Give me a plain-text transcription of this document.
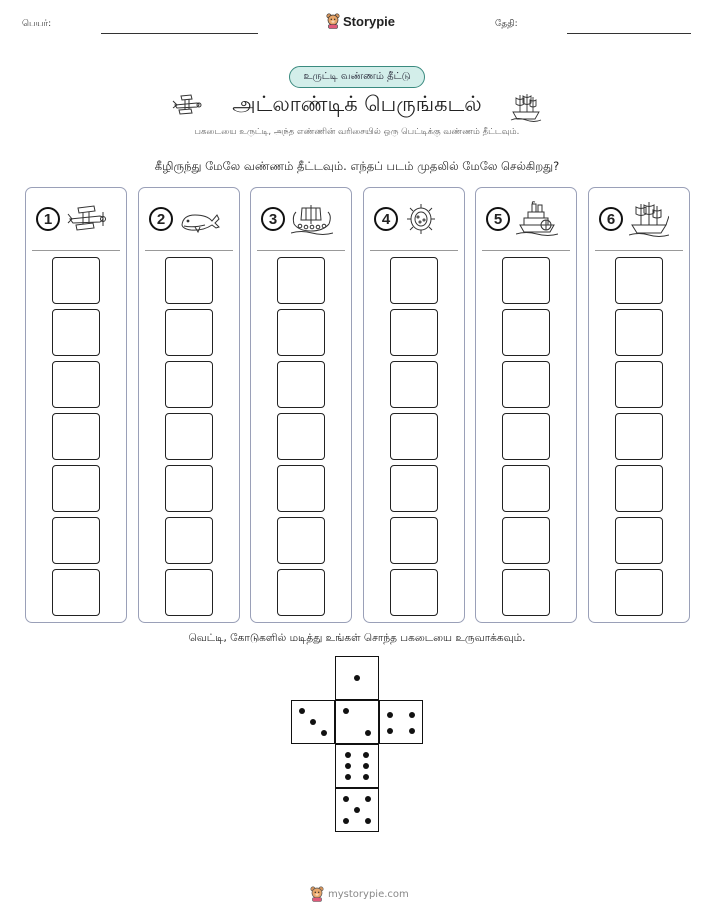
பெயர்:	Storypie	தேதி:
உருட்டி வண்ணம் தீட்டு
அட்லாண்டிக் பெருங்கடல்
பகடையை உருட்டி, அந்த எண்ணின் வரிசையில் ஒரு பெட்டிக்கு வண்ணம் தீட்டவும்.
கீழிருந்து மேலே வண்ணம் தீட்டவும். எந்தப் படம் முதலில் மேலே செல்கிறது?
1	2	3	4	5	6
வெட்டி, கோடுகளில் மடித்து உங்கள் சொந்த பகடையை உருவாக்கவும்.
mystorypie.com
